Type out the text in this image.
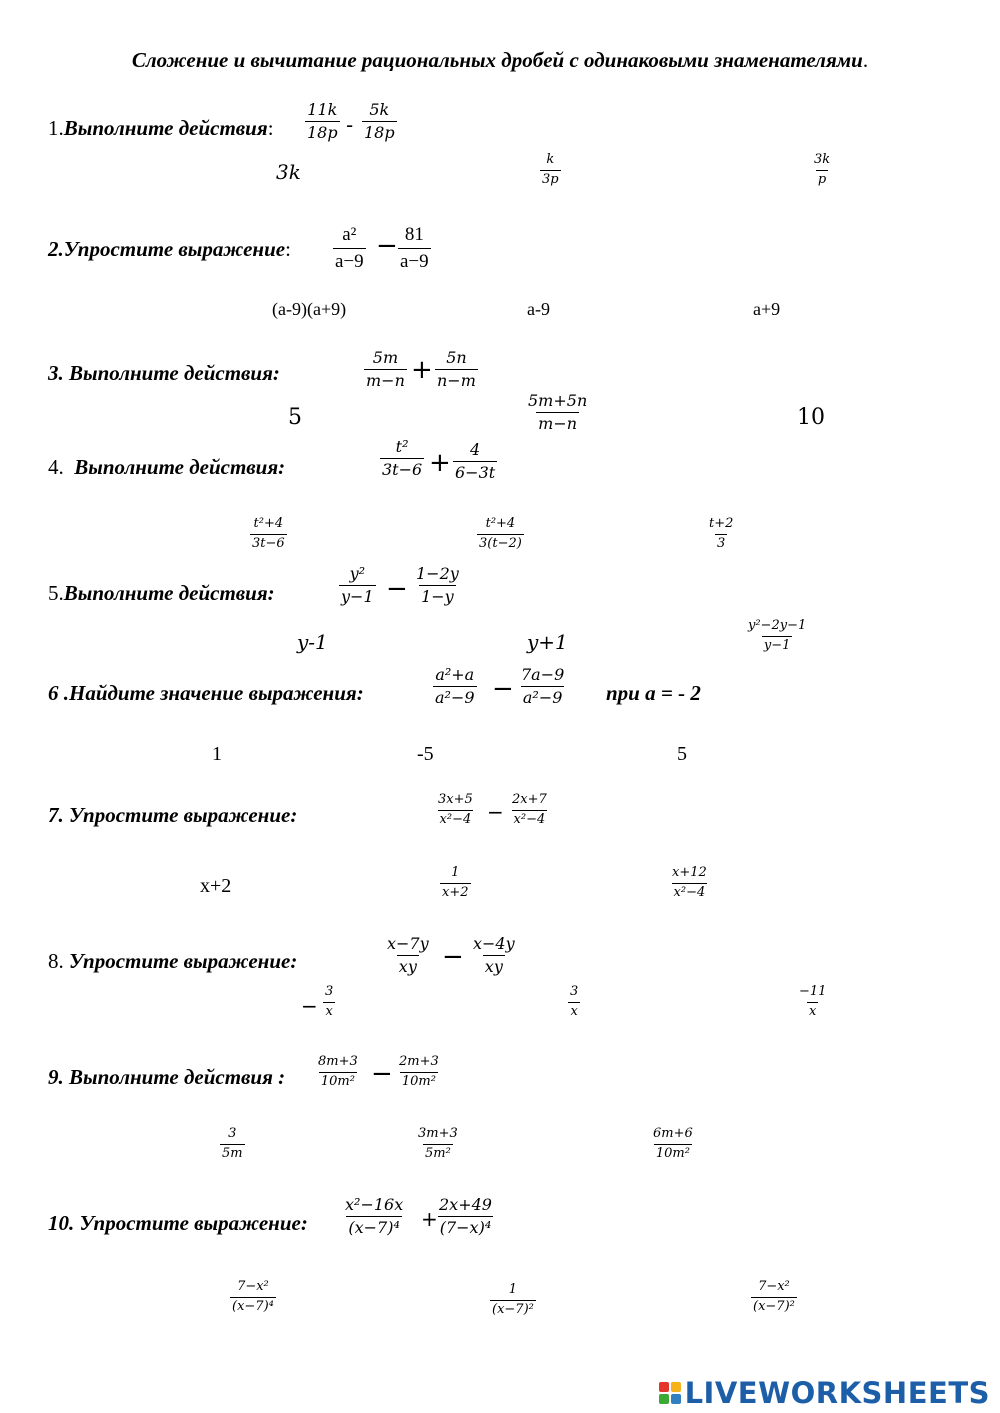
Сложение и вычитание рациональных дробей с одинаковыми знаменателями.
1.Выполните действия: $\frac{11k}{18p} - \frac{5k}{18p}$
3k	$\frac{k}{3p}$	$\frac{3k}{p}$
2.Упростите выражение: $\frac{\text{a²}}{a-9} - \frac{81}{a-9}$
(a-9)(a+9)	a-9	a+9
3. Выполните действия:	$\frac{5m}{m-n} + \frac{5n}{n-m}$
5	$\frac{5m+5n}{m-n}$	10
4. Выполните действия:	$\frac{\text{t²}}{3t-6} + \frac{4}{6-3t}$
$\frac{\text{t²+4}}{3t-6}$	$\frac{\text{t²+4}}{3(t-2)}$	$\frac{t+2}{3}$
5.Выполните действия:	$\frac{\text{y²}}{y-1} - \frac{1-2y}{1-y}$
y-1	y+1	$\frac{\text{y²−2y−1}}{y-1}$
6 .Найдите значение выражения:	$\frac{\text{a²+a}}{\text{a²−9}} - \frac{7a-9}{\text{a²−9}}$ при a = - 2
1	-5	5
7. Упростите выражение:	$\frac{3x+5}{\text{x²−4}} - \frac{2x+7}{\text{x²−4}}$
x+2	$\frac{1}{x+2}$	$\frac{x+12}{\text{x²−4}}$
8. Упростите выражение:	$\frac{x-7y}{xy} - \frac{x-4y}{xy}$
− $\frac{3}{x}$	$\frac{3}{x}$	$\frac{-11}{x}$
9. Выполните действия : $\frac{8m+3}{\text{10m²}} - \frac{2m+3}{\text{10m²}}$
$\frac{3}{5m}$	$\frac{3m+3}{\text{5m²}}$	$\frac{6m+6}{\text{10m²}}$
10. Упростите выражение: $\frac{\text{x²−16x}}{\text{(x−7)⁴}} + \frac{2x+49}{\text{(7−x)⁴}}$
$\frac{\text{7−x²}}{\text{(x−7)⁴}}$	$\frac{1}{\text{(x−7)²}}$	$\frac{\text{7−x²}}{\text{(x−7)²}}$
LIVEWORKSHEETS
